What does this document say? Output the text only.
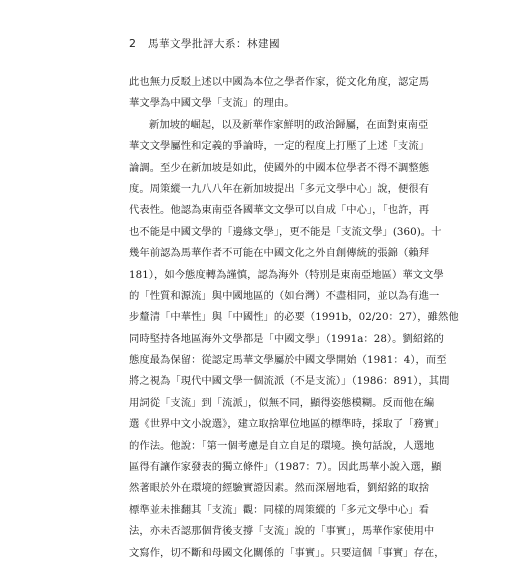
2 馬華文學批評大系：林建國
此也無力反駁上述以中國為本位之學者作家，從文化角度，認定馬
華文學為中國文學「支流」的理由。
新加坡的崛起，以及新華作家鮮明的政治歸屬，在面對東南亞
華文文學屬性和定義的爭論時，一定的程度上打壓了上述「支流」
論調。至少在新加坡是如此，使國外的中國本位學者不得不調整態
度。周策縱一九八八年在新加坡提出「多元文學中心」說，便很有
代表性。他認為東南亞各國華文文學可以自成「中心」，「也許，再
也不能是中國文學的「邊緣文學」，更不能是「支流文學」(360)。十
幾年前認為馬華作者不可能在中國文化之外自創傳統的張錦（賴拜
181），如今態度轉為謹慎，認為海外（特別是東南亞地區）華文文學
的「性質和源流」與中國地區的（如台灣）不盡相同，並以為有進一
步釐清「中華性」與「中國性」的必要（1991b，02/20：27），雖然他
同時堅持各地區海外文學都是「中國文學」（1991a：28）。劉紹銘的
態度最為保留：從認定馬華文學屬於中國文學開始（1981：4），而至
將之視為「現代中國文學一個流派（不是支流）」（1986：891），其間
用詞從「支流」到「流派」，似無不同，顯得姿態模糊。反而他在編
選《世界中文小說選》，建立取捨單位地區的標準時，採取了「務實」
的作法。他說：「第一個考慮是自立自足的環境。換句話說，人選地
區得有讓作家發表的獨立條件」（1987：7）。因此馬華小說入選，顯
然著眼於外在環境的經驗實證因素。然而深層地看，劉紹銘的取捨
標準並未推翻其「支流」觀：同樣的周策縱的「多元文學中心」看
法，亦未否認那個背後支撐「支流」說的「事實」，馬華作家使用中
文寫作，切不斷和母國文化關係的「事實」。只要這個「事實」存在，
